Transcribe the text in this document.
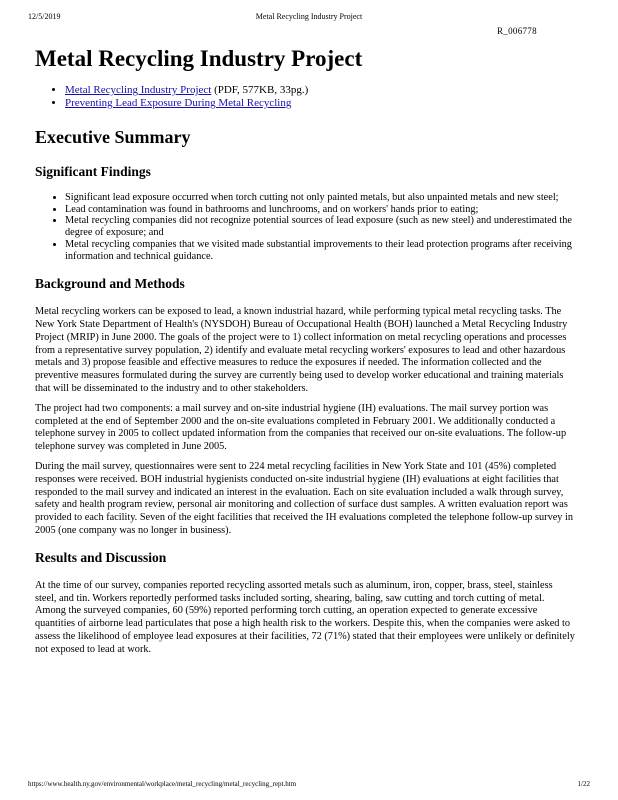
12/5/2019	Metal Recycling Industry Project
R_006778
Metal Recycling Industry Project
• Metal Recycling Industry Project (PDF, 577KB, 33pg.)
• Preventing Lead Exposure During Metal Recycling
Executive Summary
Significant Findings
• Significant lead exposure occurred when torch cutting not only painted metals, but also unpainted metals and new steel;
• Lead contamination was found in bathrooms and lunchrooms, and on workers' hands prior to eating;
• Metal recycling companies did not recognize potential sources of lead exposure (such as new steel) and underestimated the degree of exposure; and
• Metal recycling companies that we visited made substantial improvements to their lead protection programs after receiving information and technical guidance.
Background and Methods

Metal recycling workers can be exposed to lead, a known industrial hazard, while performing typical metal recycling tasks. The New York State Department of Health's (NYSDOH) Bureau of Occupational Health (BOH) launched a Metal Recycling Industry Project (MRIP) in June 2000. The goals of the project were to 1) collect information on metal recycling operations and processes from a representative survey population, 2) identify and evaluate metal recycling workers' exposures to lead and other hazardous metals and 3) propose feasible and effective measures to reduce the exposures if needed. The information collected and the preventive measures formulated during the survey are currently being used to develop worker educational and training materials that will be disseminated to the industry and to other stakeholders.

The project had two components: a mail survey and on-site industrial hygiene (IH) evaluations. The mail survey portion was completed at the end of September 2000 and the on-site evaluations completed in February 2001. We additionally conducted a telephone survey in 2005 to collect updated information from the companies that received our on-site evaluations. The follow-up telephone survey was completed in June 2005.

During the mail survey, questionnaires were sent to 224 metal recycling facilities in New York State and 101 (45%) completed responses were received. BOH industrial hygienists conducted on-site industrial hygiene (IH) evaluations at eight facilities that responded to the mail survey and indicated an interest in the evaluation. Each on site evaluation included a walk through survey, safety and health program review, personal air monitoring and collection of surface dust samples. A written evaluation report was provided to each facility. Seven of the eight facilities that received the IH evaluations completed the telephone follow-up survey in 2005 (one company was no longer in business).

Results and Discussion

At the time of our survey, companies reported recycling assorted metals such as aluminum, iron, copper, brass, steel, stainless steel, and tin. Workers reportedly performed tasks included sorting, shearing, baling, saw cutting and torch cutting of metal. Among the surveyed companies, 60 (59%) reported performing torch cutting, an operation expected to generate excessive quantities of airborne lead particulates that pose a high health risk to the workers. Despite this, when the companies were asked to assess the likelihood of employee lead exposures at their facilities, 72 (71%) stated that their employees were unlikely or definitely not exposed to lead at work.

https://www.health.ny.gov/environmental/workplace/metal_recycling/metal_recycling_rept.htm	1/22
